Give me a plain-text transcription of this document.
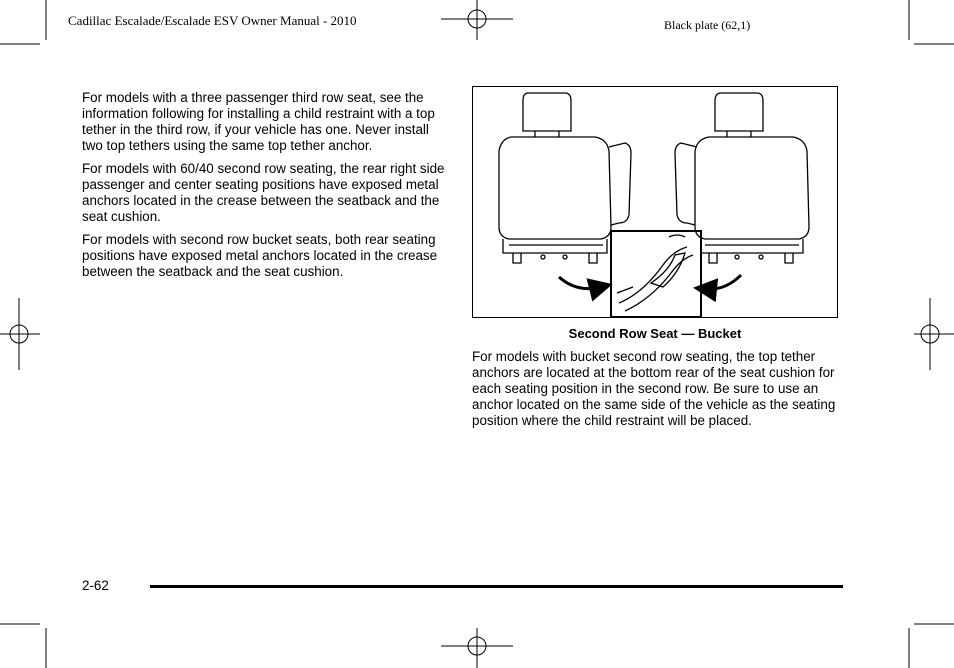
Cadillac Escalade/Escalade ESV Owner Manual - 2010	Black plate (62,1)

For models with a three passenger third row seat, see the information following for installing a child restraint with a top tether in the third row, if your vehicle has one. Never install two top tethers using the same top tether anchor.

For models with 60/40 second row seating, the rear right side passenger and center seating positions have exposed metal anchors located in the crease between the seatback and the seat cushion.

For models with second row bucket seats, both rear seating positions have exposed metal anchors located in the crease between the seatback and the seat cushion.

Second Row Seat — Bucket

For models with bucket second row seating, the top tether anchors are located at the bottom rear of the seat cushion for each seating position in the second row. Be sure to use an anchor located on the same side of the vehicle as the seating position where the child restraint will be placed.

2-62
